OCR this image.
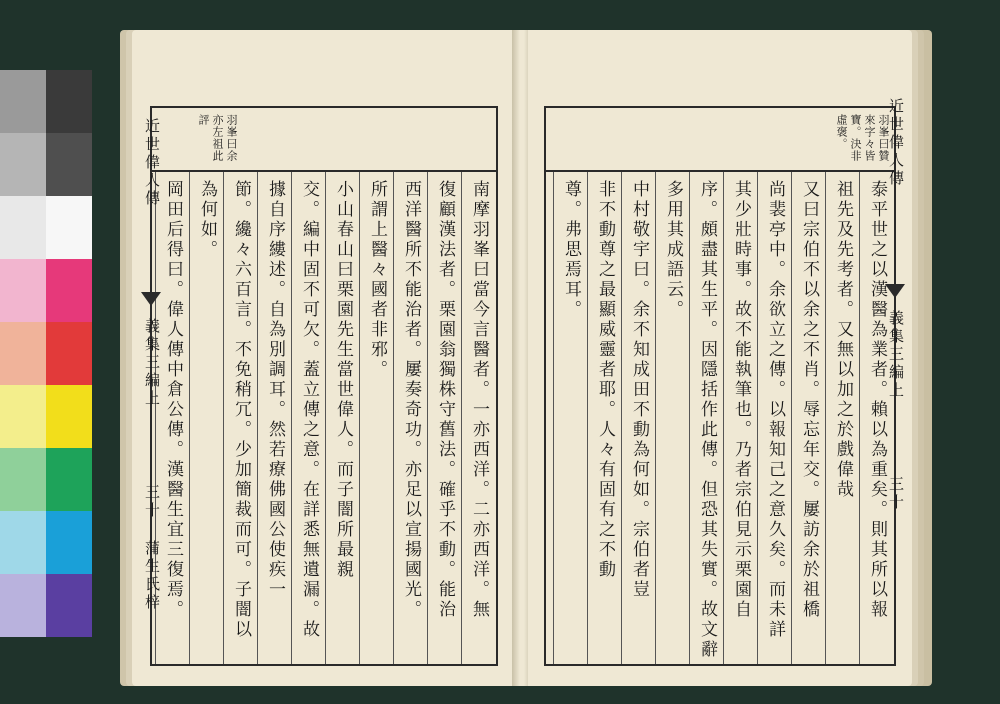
羽峯曰余亦左祖此評
南摩羽峯曰當今言醫者。一亦西洋。二亦西洋。無
復顧漢法者。栗園翁獨株守舊法。確乎不動。能治
西洋醫所不能治者。屢奏奇功。亦足以宣揚國光。
所謂上醫々國者非邪。
小山春山曰栗園先生當世偉人。而子闇所最親
交。編中固不可欠。蓋立傳之意。在詳悉無遺漏。故
據自序縷述。自為別調耳。然若療佛國公使疾一
節。纔々六百言。不免稍冗。少加簡裁而可。子闇以
為何如。
岡田后得曰。偉人傳中倉公傳。漢醫生宜三復焉。
羽峯曰贊來字々皆寶。決非虛褒。
泰平世之以漢醫為業者。賴以為重矣。則其所以報
祖先及先考者。又無以加之於戲偉哉
又曰宗伯不以余之不肖。辱忘年交。屢訪余於祖橋
尚裴亭中。余欲立之傳。以報知己之意久矣。而未詳
其少壯時事。故不能執筆也。乃者宗伯見示栗園自
序。頗盡其生平。因隱括作此傳。但恐其失實。故文辭
多用其成語云。
中村敬宇曰。余不知成田不動為何如。宗伯者豈
非不動尊之最顯威靈者耶。人々有固有之不動
尊。弗思焉耳。
近世偉人傳
義集三編上
三十
蒲生氏梓
近世偉人傳
義集三編上
三十
